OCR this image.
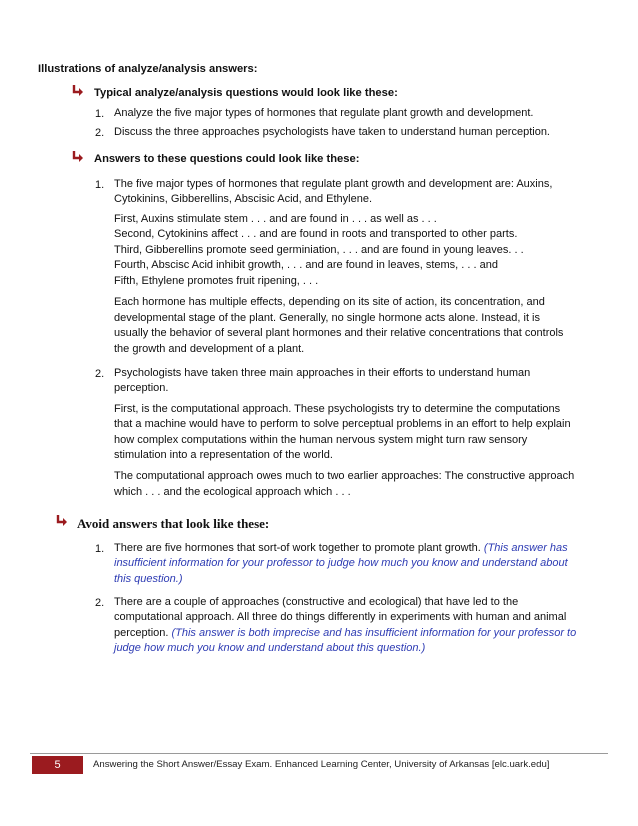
Illustrations of analyze/analysis answers:
Typical analyze/analysis questions would look like these:
1. Analyze the five major types of hormones that regulate plant growth and development.
2. Discuss the three approaches psychologists have taken to understand human perception.
Answers to these questions could look like these:
1. The five major types of hormones that regulate plant growth and development are: Auxins,
Cytokinins, Gibberellins, Abscisic Acid, and Ethylene.
First, Auxins stimulate stem . . . and are found in . . . as well as . . .
Second, Cytokinins affect . . . and are found in roots and transported to other parts.
Third, Gibberellins promote seed germiniation, . . . and are found in young leaves. . .
Fourth, Abscisc Acid inhibit growth, . . . and are found in leaves, stems, . . . and
Fifth, Ethylene promotes fruit ripening, . . .
Each hormone has multiple effects, depending on its site of action, its concentration, and
developmental stage of the plant. Generally, no single hormone acts alone. Instead, it is
usually the behavior of several plant hormones and their relative concentrations that controls
the growth and development of a plant.
2. Psychologists have taken three main approaches in their efforts to understand human
perception.
First, is the computational approach. These psychologists try to determine the computations
that a machine would have to perform to solve perceptual problems in an effort to help explain
how complex computations within the human nervous system might turn raw sensory
stimulation into a representation of the world.
The computational approach owes much to two earlier approaches: The constructive approach
which . . . and the ecological approach which . . .
Avoid answers that look like these:
1. There are five hormones that sort-of work together to promote plant growth. (This answer has
insufficient information for your professor to judge how much you know and understand about
this question.)
2. There are a couple of approaches (constructive and ecological) that have led to the
computational approach. All three do things differently in experiments with human and animal
perception. (This answer is both imprecise and has insufficient information for your professor to
judge how much you know and understand about this question.)
5	Answering the Short Answer/Essay Exam. Enhanced Learning Center, University of Arkansas [elc.uark.edu]
